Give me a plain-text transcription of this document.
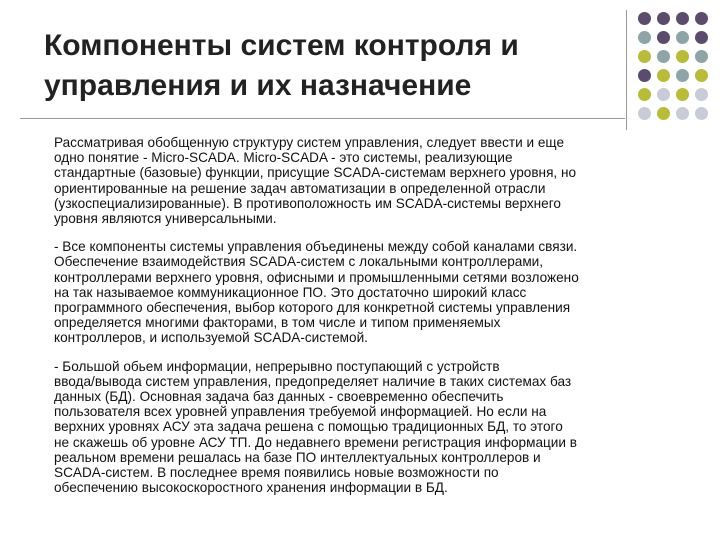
Компоненты систем контроля и
управления и их назначение

Рассматривая обобщенную структуру систем управления, следует ввести и еще
одно понятие - Micro-SCADA. Micro-SCADA - это системы, реализующие
стандартные (базовые) функции, присущие SCADA-системам верхнего уровня, но
ориентированные на решение задач автоматизации в определенной отрасли
(узкоспециализированные). В противоположность им SCADA-системы верхнего
уровня являются универсальными.

- Все компоненты системы управления объединены между собой каналами связи.
Обеспечение взаимодействия SCADA-систем с локальными контроллерами,
контроллерами верхнего уровня, офисными и промышленными сетями возложено
на так называемое коммуникационное ПО. Это достаточно широкий класс
программного обеспечения, выбор которого для конкретной системы управления
определяется многими факторами, в том числе и типом применяемых
контроллеров, и используемой SCADA-системой.

- Большой обьем информации, непрерывно поступающий с устройств
ввода/вывода систем управления, предопределяет наличие в таких системах баз
данных (БД). Основная задача баз данных - своевременно обеспечить
пользователя всех уровней управления требуемой информацией. Но если на
верхних уровнях АСУ эта задача решена с помощью традиционных БД, то этого
не скажешь об уровне АСУ ТП. До недавнего времени регистрация информации в
реальном времени решалась на базе ПО интеллектуальных контроллеров и
SCADA-систем. В последнее время появились новые возможности по
обеспечению высокоскоростного хранения информации в БД.
